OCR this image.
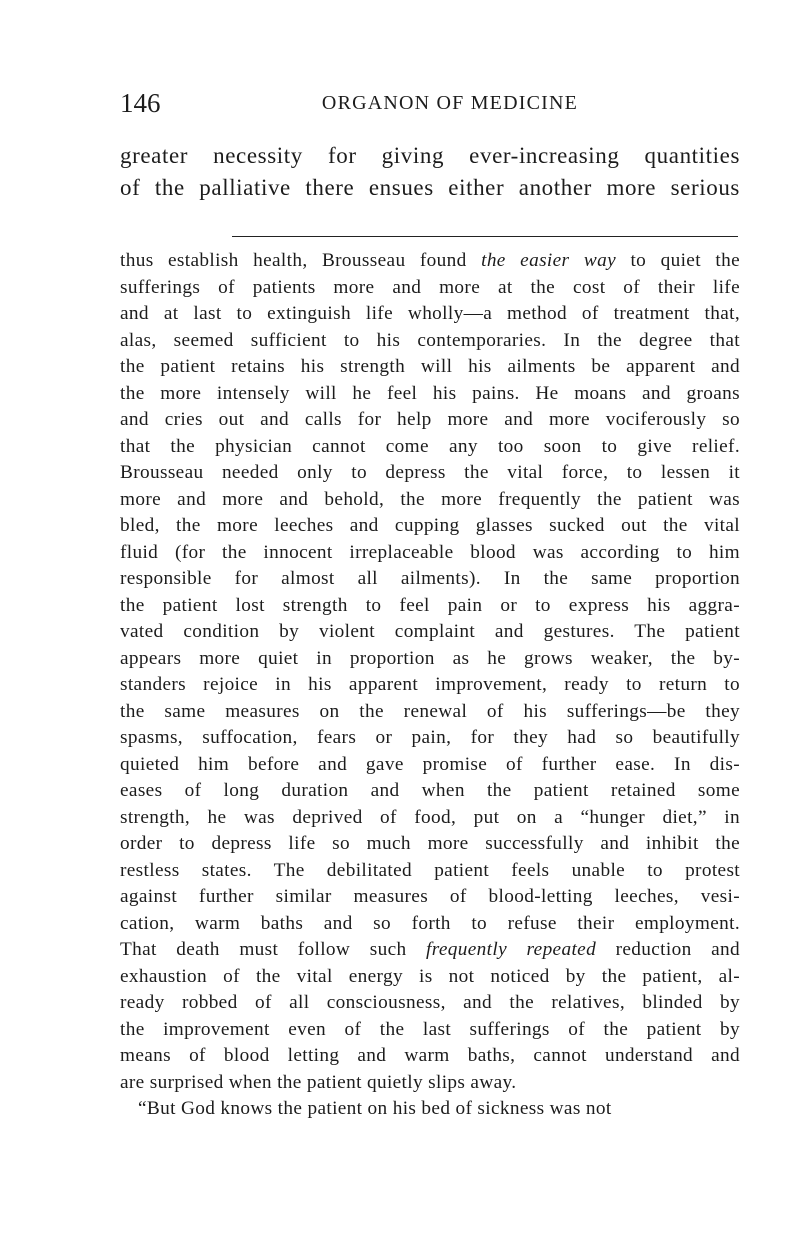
146	ORGANON OF MEDICINE
greater necessity for giving ever-increasing quantities
of the palliative there ensues either another more serious
thus establish health, Brousseau found the easier way to quiet the
sufferings of patients more and more at the cost of their life
and at last to extinguish life wholly—a method of treatment that,
alas, seemed sufficient to his contemporaries. In the degree that
the patient retains his strength will his ailments be apparent and
the more intensely will he feel his pains. He moans and groans
and cries out and calls for help more and more vociferously so
that the physician cannot come any too soon to give relief.
Brousseau needed only to depress the vital force, to lessen it
more and more and behold, the more frequently the patient was
bled, the more leeches and cupping glasses sucked out the vital
fluid (for the innocent irreplaceable blood was according to him
responsible for almost all ailments). In the same proportion
the patient lost strength to feel pain or to express his aggra-
vated condition by violent complaint and gestures. The patient
appears more quiet in proportion as he grows weaker, the by-
standers rejoice in his apparent improvement, ready to return to
the same measures on the renewal of his sufferings—be they
spasms, suffocation, fears or pain, for they had so beautifully
quieted him before and gave promise of further ease. In dis-
eases of long duration and when the patient retained some
strength, he was deprived of food, put on a “hunger diet,” in
order to depress life so much more successfully and inhibit the
restless states. The debilitated patient feels unable to protest
against further similar measures of blood-letting leeches, vesi-
cation, warm baths and so forth to refuse their employment.
That death must follow such frequently repeated reduction and
exhaustion of the vital energy is not noticed by the patient, al-
ready robbed of all consciousness, and the relatives, blinded by
the improvement even of the last sufferings of the patient by
means of blood letting and warm baths, cannot understand and
are surprised when the patient quietly slips away.
“But God knows the patient on his bed of sickness was not
